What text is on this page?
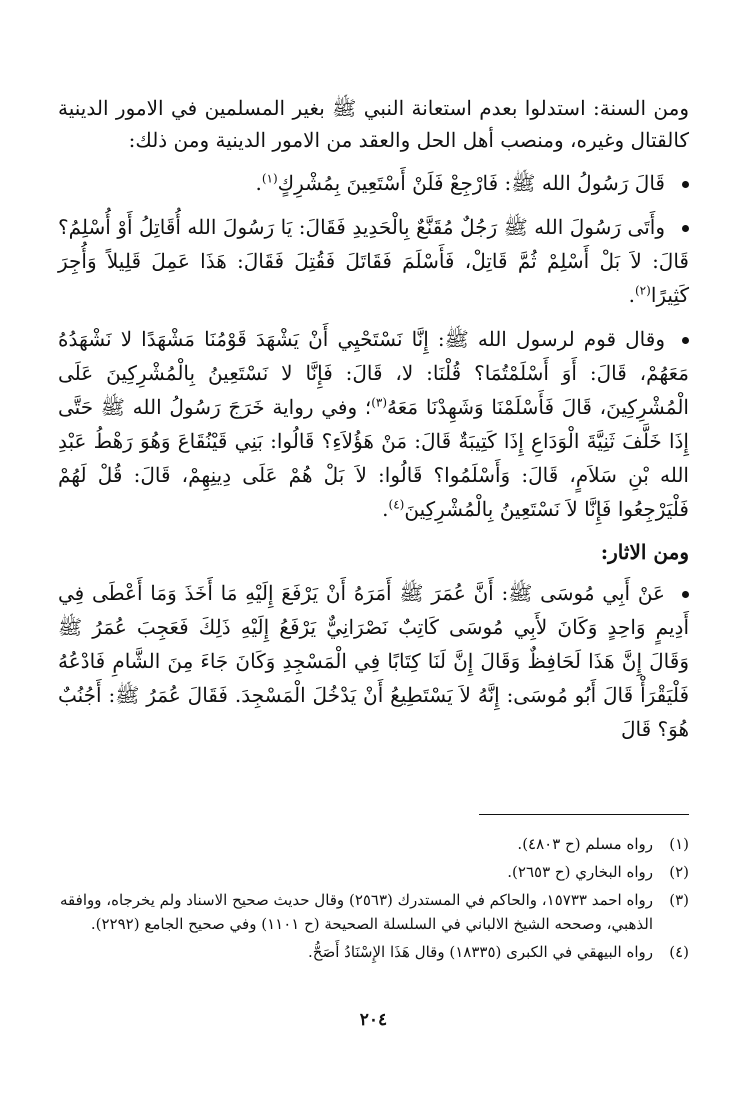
ومن السنة: استدلوا بعدم استعانة النبي ﷺ بغير المسلمين في الامور الدينية كالقتال وغيره، ومنصب أهل الحل والعقد من الامور الدينية ومن ذلك:

قَالَ رَسُولُ الله ﷺ: فَارْجِعْ فَلَنْ أَسْتَعِينَ بِمُشْرِكٍ$^{(١)}$.

وأَتَى رَسُولَ الله ﷺ رَجُلٌ مُقَنَّعٌ بِالْحَدِيدِ فَقَالَ: يَا رَسُولَ الله أُقَاتِلُ أَوْ أُسْلِمُ؟ قَالَ: لاَ بَلْ أَسْلِمْ ثُمَّ قَاتِلْ، فَأَسْلَمَ فَقَاتَلَ فَقُتِلَ فَقَالَ: هَذَا عَمِلَ قَلِيلاً وَأُجِرَ كَثِيرًا$^{(٢)}$.

وقال قوم لرسول الله ﷺ: إِنَّا نَسْتَحْيِي أَنْ يَشْهَدَ قَوْمُنَا مَشْهَدًا لا نَشْهَدُهُ مَعَهُمْ، قَالَ: أَوَ أَسْلَمْتُمَا؟ قُلْنَا: لا، قَالَ: فَإِنَّا لا نَسْتَعِينُ بِالْمُشْرِكِينَ عَلَى الْمُشْرِكِينَ، قَالَ فَأَسْلَمْنَا وَشَهِدْنَا مَعَهُ$^{(٣)}$؛ وفي رواية خَرَجَ رَسُولُ الله ﷺ حَتَّى إِذَا خَلَّفَ ثَنِيَّةَ الْوَدَاعِ إِذَا كَتِيبَةٌ قَالَ: مَنْ هَؤُلاَءِ؟ قَالُوا: بَنِي قَيْنُقَاعَ وَهُوَ رَهْطُ عَبْدِ الله بْنِ سَلاَمٍ، قَالَ: وَأَسْلَمُوا؟ قَالُوا: لاَ بَلْ هُمْ عَلَى دِينِهِمْ، قَالَ: قُلْ لَهُمْ فَلْيَرْجِعُوا فَإِنَّا لاَ نَسْتَعِينُ بِالْمُشْرِكِينَ$^{(٤)}$.

ومن الاثار:

عَنْ أَبِي مُوسَى ﷺ: أَنَّ عُمَرَ ﷺ أَمَرَهُ أَنْ يَرْفَعَ إِلَيْهِ مَا أَخَذَ وَمَا أَعْطَى فِي أَدِيمٍ وَاحِدٍ وَكَانَ لأَبِي مُوسَى كَاتِبٌ نَصْرَانِيٌّ يَرْفَعُ إِلَيْهِ ذَلِكَ فَعَجِبَ عُمَرُ ﷺ وَقَالَ إِنَّ هَذَا لَحَافِظٌ وَقَالَ إِنَّ لَنَا كِتَابًا فِي الْمَسْجِدِ وَكَانَ جَاءَ مِنَ الشَّامِ فَادْعُهُ فَلْيَقْرَأْ قَالَ أَبُو مُوسَى: إِنَّهُ لاَ يَسْتَطِيعُ أَنْ يَدْخُلَ الْمَسْجِدَ. فَقَالَ عُمَرُ ﷺ: أَجُنُبٌ هُوَ؟ قَالَ

(١)
رواه مسلم (ح ٤٨٠٣).
(٢)
رواه البخاري (ح ٢٦٥٣).
(٣)
رواه احمد ١٥٧٣٣، والحاكم في المستدرك (٢٥٦٣) وقال حديث صحيح الاسناد ولم يخرجاه، ووافقه الذهبي، وصححه الشيخ الالباني في السلسلة الصحيحة (ح ١١٠١) وفي صحيح الجامع (٢٢٩٢).
(٤)
رواه البيهقي في الكبرى (١٨٣٣٥) وقال هَذَا الإِسْنَادُ أَصَحُّ.
٢٠٤
